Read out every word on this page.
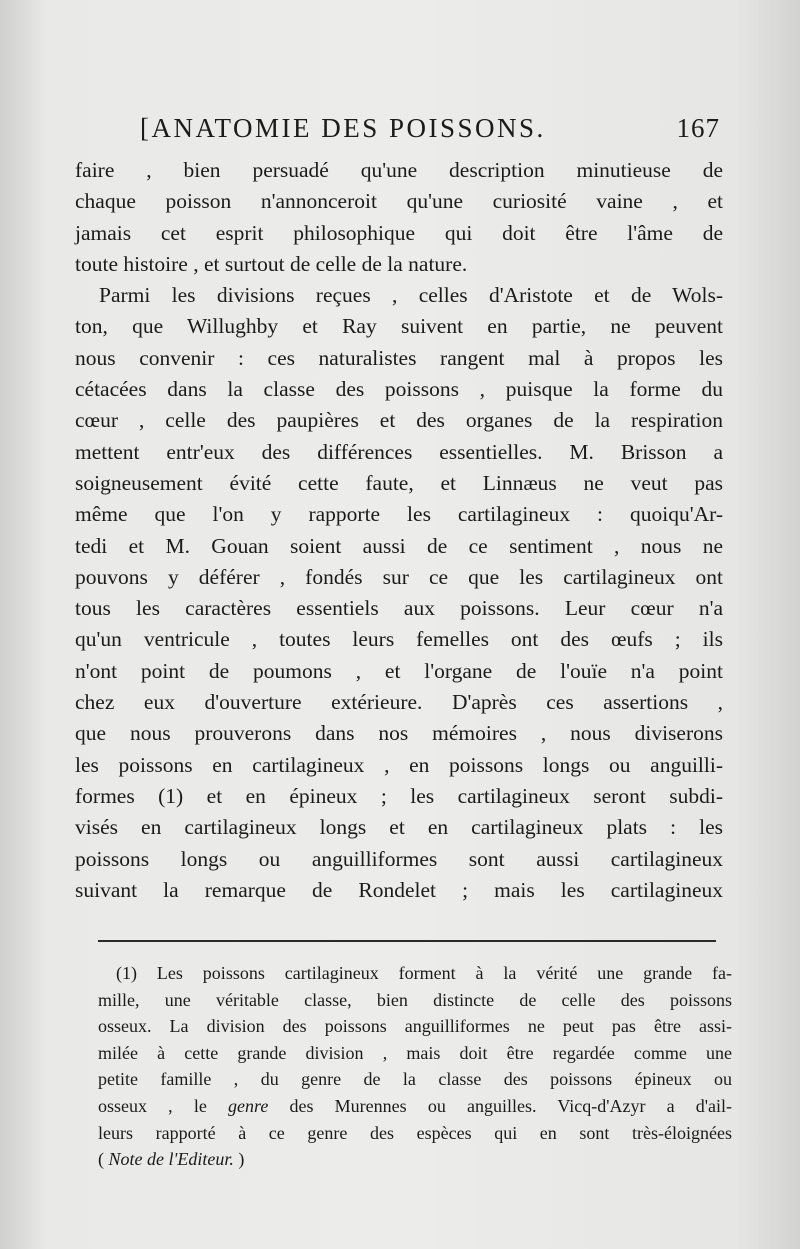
[ANATOMIE DES POISSONS.	167
faire , bien persuadé qu'une description minutieuse de
chaque poisson n'annonceroit qu'une curiosité vaine , et
jamais cet esprit philosophique qui doit être l'âme de
toute histoire , et surtout de celle de la nature.
Parmi les divisions reçues , celles d'Aristote et de Wols-
ton, que Willughby et Ray suivent en partie, ne peuvent
nous convenir : ces naturalistes rangent mal à propos les
cétacées dans la classe des poissons , puisque la forme du
cœur , celle des paupières et des organes de la respiration
mettent entr'eux des différences essentielles. M. Brisson a
soigneusement évité cette faute, et Linnæus ne veut pas
même que l'on y rapporte les cartilagineux : quoiqu'Ar-
tedi et M. Gouan soient aussi de ce sentiment , nous ne
pouvons y déférer , fondés sur ce que les cartilagineux ont
tous les caractères essentiels aux poissons. Leur cœur n'a
qu'un ventricule , toutes leurs femelles ont des œufs ; ils
n'ont point de poumons , et l'organe de l'ouïe n'a point
chez eux d'ouverture extérieure. D'après ces assertions ,
que nous prouverons dans nos mémoires , nous diviserons
les poissons en cartilagineux , en poissons longs ou anguilli-
formes (1) et en épineux ; les cartilagineux seront subdi-
visés en cartilagineux longs et en cartilagineux plats : les
poissons longs ou anguilliformes sont aussi cartilagineux
suivant la remarque de Rondelet ; mais les cartilagineux
(1) Les poissons cartilagineux forment à la vérité une grande fa-
mille, une véritable classe, bien distincte de celle des poissons
osseux. La division des poissons anguilliformes ne peut pas être assi-
milée à cette grande division , mais doit être regardée comme une
petite famille , du genre de la classe des poissons épineux ou
osseux , le genre des Murennes ou anguilles. Vicq-d'Azyr a d'ail-
leurs rapporté à ce genre des espèces qui en sont très-éloignées
( Note de l'Editeur. )
